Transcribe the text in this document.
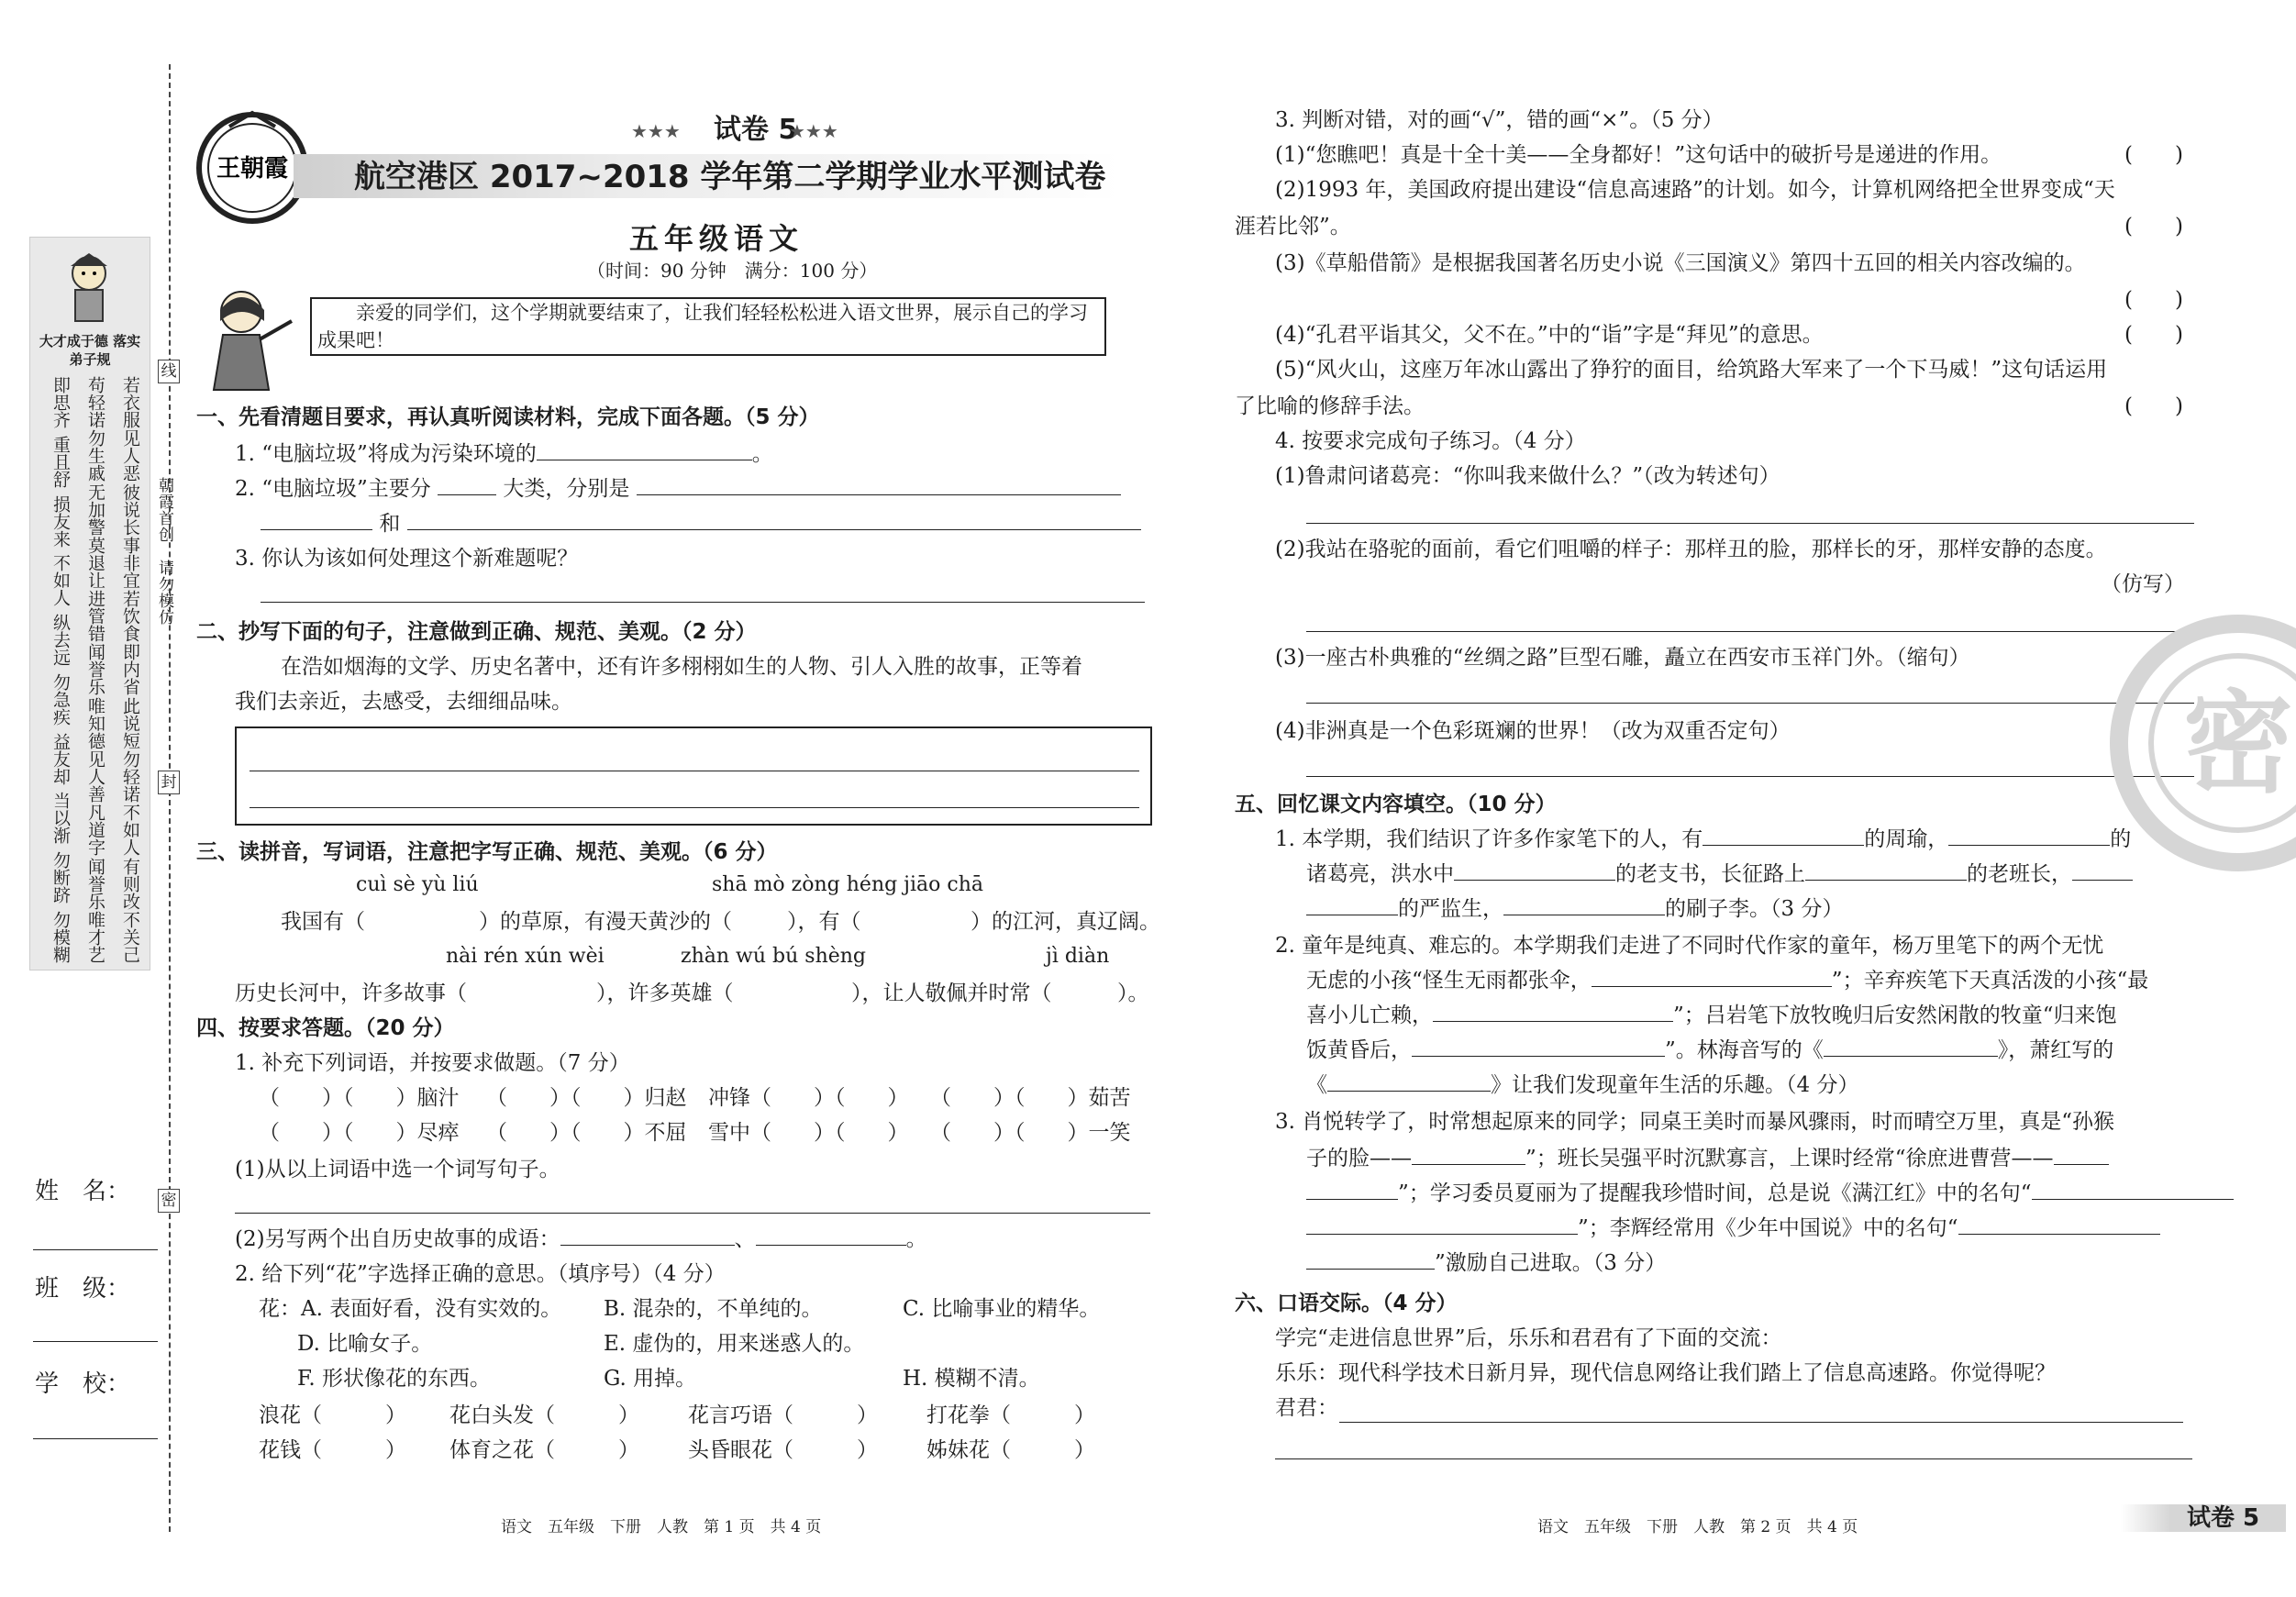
大才成于德 落实弟子规
若衣服
见人恶
彼说长
事非宜
若饮食
即内省
此说短
勿轻诺
不如人
有则改
不关己
苟轻诺
勿生戚
无加警
莫退让
进管错
闻誉乐
唯知德
见人善
凡道字
闻誉乐
唯才艺
即思齐
重且舒
损友来
不如人
纵去远
勿急疾
益友却
当以渐
勿断跻
勿模糊
朝霞首创　请勿模仿
线
封
密
姓　名：
班　级：
学　校：
王朝霞
试卷 5
★★★	★★★
航空港区 2017~2018 学年第二学期学业水平测试卷
五年级语文
（时间：90 分钟　满分：100 分）
亲爱的同学们，这个学期就要结束了，让我们轻轻松松进入语文世界，展示自己的学习成果吧！
一、先看清题目要求，再认真听阅读材料，完成下面各题。（5 分）
1. “电脑垃圾”将成为污染环境的	。
2. “电脑垃圾”主要分	大类，分别是
和
3. 你认为该如何处理这个新难题呢？
二、抄写下面的句子，注意做到正确、规范、美观。（2 分）
在浩如烟海的文学、历史名著中，还有许多栩栩如生的人物、引人入胜的故事，正等着
我们去亲近，去感受，去细细品味。
三、读拼音，写词语，注意把字写正确、规范、美观。（6 分）
cuì sè yù liú	shā mò zòng héng jiāo chā
我国有（	）的草原，有漫天黄沙的（	），有（	）的江河，真辽阔。
nài rén xún wèi	zhàn wú bú shèng	jì diàn
历史长河中，许多故事（	），许多英雄（	），让人敬佩并时常（	）。
四、按要求答题。（20 分）
1. 补充下列词语，并按要求做题。（7 分）
（　　）（　　）脑汁 （　　）（　　）归赵 冲锋（　　）（　　） （　　）（　　）茹苦
（　　）（　　）尽瘁 （　　）（　　）不屈 雪中（　　）（　　） （　　）（　　）一笑
(1)从以上词语中选一个词写句子。
(2)另写两个出自历史故事的成语：	、	。
2. 给下列“花”字选择正确的意思。（填序号）（4 分）
花：A. 表面好看，没有实效的。 B. 混杂的，不单纯的。	C. 比喻事业的精华。
D. 比喻女子。	E. 虚伪的，用来迷惑人的。
F. 形状像花的东西。	G. 用掉。	H. 模糊不清。
浪花（　　　） 花白头发（　　　） 花言巧语（　　　） 打花拳（　　　）
花钱（　　　） 体育之花（　　　） 头昏眼花（　　　） 姊妹花（　　　）
语文　五年级　下册　人教　第 1 页　共 4 页
3. 判断对错，对的画“√”，错的画“×”。（5 分）
(1)“您瞧吧！真是十全十美——全身都好！”这句话中的破折号是递进的作用。	(　　)
(2)1993 年，美国政府提出建设“信息高速路”的计划。如今，计算机网络把全世界变成“天
涯若比邻”。	(　　)
(3)《草船借箭》是根据我国著名历史小说《三国演义》第四十五回的相关内容改编的。
(　　)
(4)“孔君平诣其父，父不在。”中的“诣”字是“拜见”的意思。	(　　)
(5)“风火山，这座万年冰山露出了狰狞的面目，给筑路大军来了一个下马威！”这句话运用
了比喻的修辞手法。	(　　)
4. 按要求完成句子练习。（4 分）
(1)鲁肃问诸葛亮：“你叫我来做什么？”（改为转述句）
(2)我站在骆驼的面前，看它们咀嚼的样子：那样丑的脸，那样长的牙，那样安静的态度。
（仿写）
(3)一座古朴典雅的“丝绸之路”巨型石雕，矗立在西安市玉祥门外。（缩句）
(4)非洲真是一个色彩斑斓的世界！（改为双重否定句）
五、回忆课文内容填空。（10 分）
1. 本学期，我们结识了许多作家笔下的人，有	的周瑜，	的
诸葛亮，洪水中	的老支书，长征路上	的老班长，
的严监生，	的刷子李。（3 分）
2. 童年是纯真、难忘的。本学期我们走进了不同时代作家的童年，杨万里笔下的两个无忧
无虑的小孩“怪生无雨都张伞，	”；辛弃疾笔下天真活泼的小孩“最
喜小儿亡赖，	”；吕岩笔下放牧晚归后安然闲散的牧童“归来饱
饭黄昏后，	”。林海音写的《	》，萧红写的
《	》让我们发现童年生活的乐趣。（4 分）
3. 肖悦转学了，时常想起原来的同学；同桌王美时而暴风骤雨，时而晴空万里，真是“孙猴
子的脸——	”；班长吴强平时沉默寡言，上课时经常“徐庶进曹营——
”；学习委员夏丽为了提醒我珍惜时间，总是说《满江红》中的名句“
”；李辉经常用《少年中国说》中的名句“
”激励自己进取。（3 分）
六、口语交际。（4 分）
学完“走进信息世界”后，乐乐和君君有了下面的交流：
乐乐：现代科学技术日新月异，现代信息网络让我们踏上了信息高速路。你觉得呢？
君君：
语文　五年级　下册　人教　第 2 页　共 4 页	试卷 5
密
